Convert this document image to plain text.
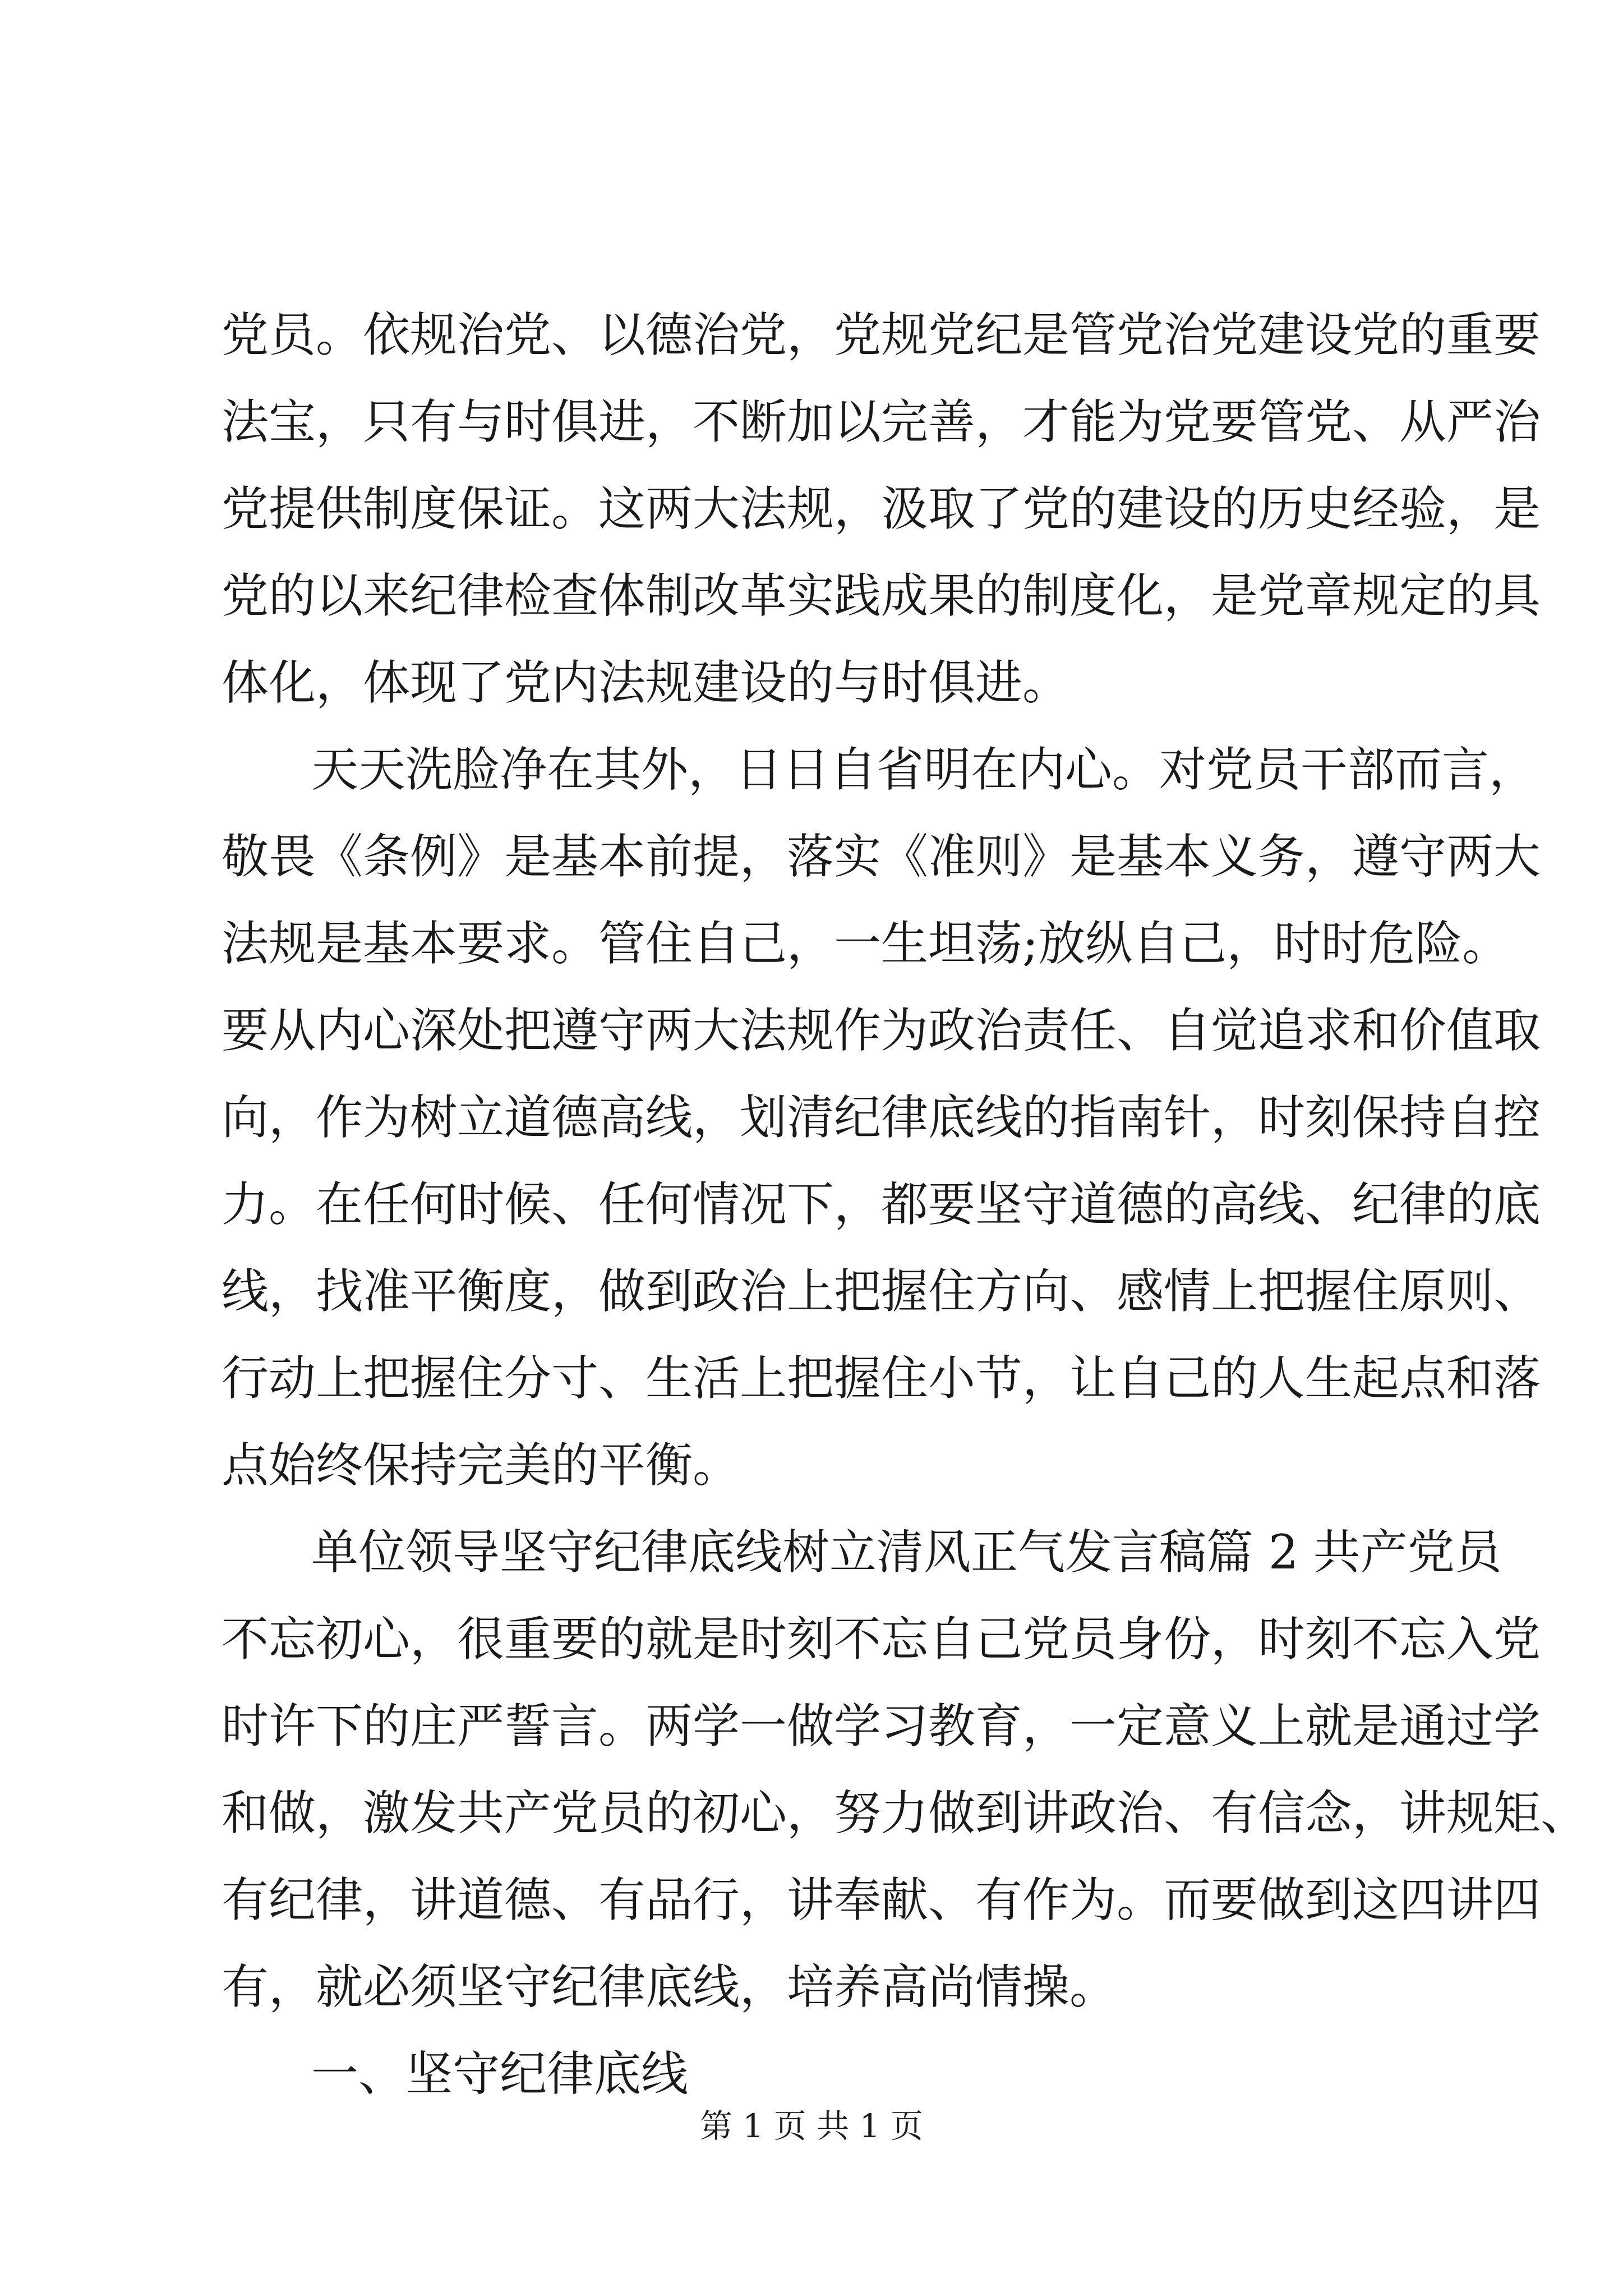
党员。依规治党、以德治党，党规党纪是管党治党建设党的重要
法宝，只有与时俱进，不断加以完善，才能为党要管党、从严治
党提供制度保证。这两大法规，汲取了党的建设的历史经验，是
党的以来纪律检查体制改革实践成果的制度化，是党章规定的具
体化，体现了党内法规建设的与时俱进。
天天洗脸净在其外，日日自省明在内心。对党员干部而言，
敬畏《条例》是基本前提，落实《准则》是基本义务，遵守两大
法规是基本要求。管住自己，一生坦荡;放纵自己，时时危险。
要从内心深处把遵守两大法规作为政治责任、自觉追求和价值取
向，作为树立道德高线，划清纪律底线的指南针，时刻保持自控
力。在任何时候、任何情况下，都要坚守道德的高线、纪律的底
线，找准平衡度，做到政治上把握住方向、感情上把握住原则、
行动上把握住分寸、生活上把握住小节，让自己的人生起点和落
点始终保持完美的平衡。
单位领导坚守纪律底线树立清风正气发言稿篇 2 共产党员
不忘初心，很重要的就是时刻不忘自己党员身份，时刻不忘入党
时许下的庄严誓言。两学一做学习教育，一定意义上就是通过学
和做，激发共产党员的初心，努力做到讲政治、有信念，讲规矩、
有纪律，讲道德、有品行，讲奉献、有作为。而要做到这四讲四
有，就必须坚守纪律底线，培养高尚情操。
一、坚守纪律底线
第 1 页 共 1 页
